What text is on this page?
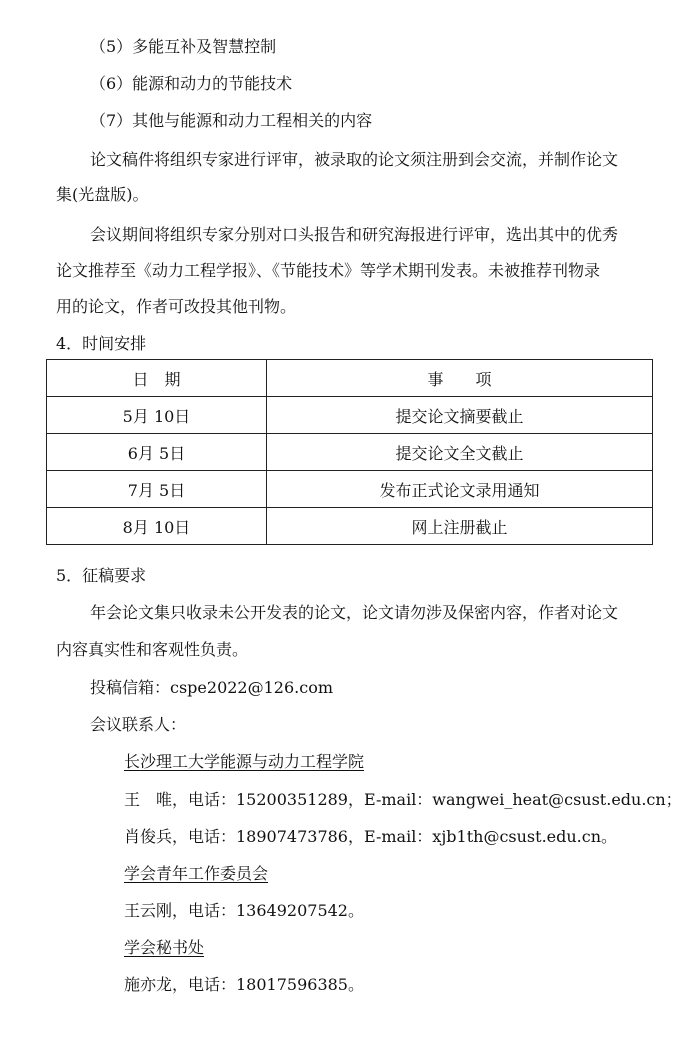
（5）多能互补及智慧控制
（6）能源和动力的节能技术
（7）其他与能源和动力工程相关的内容
论文稿件将组织专家进行评审，被录取的论文须注册到会交流，并制作论文
集(光盘版)。
会议期间将组织专家分别对口头报告和研究海报进行评审，选出其中的优秀
论文推荐至《动力工程学报》、《节能技术》等学术期刊发表。未被推荐刊物录
用的论文，作者可改投其他刊物。
4．时间安排
日　期	事　　项
5月 10日	提交论文摘要截止
6月 5日	提交论文全文截止
7月 5日	发布正式论文录用通知
8月 10日	网上注册截止
5．征稿要求
年会论文集只收录未公开发表的论文，论文请勿涉及保密内容，作者对论文
内容真实性和客观性负责。
投稿信箱：cspe2022@126.com
会议联系人：
长沙理工大学能源与动力工程学院
王　唯，电话：15200351289，E-mail：wangwei_heat@csust.edu.cn；
肖俊兵，电话：18907473786，E-mail：xjb1th@csust.edu.cn。
学会青年工作委员会
王云刚，电话：13649207542。
学会秘书处
施亦龙，电话：18017596385。
